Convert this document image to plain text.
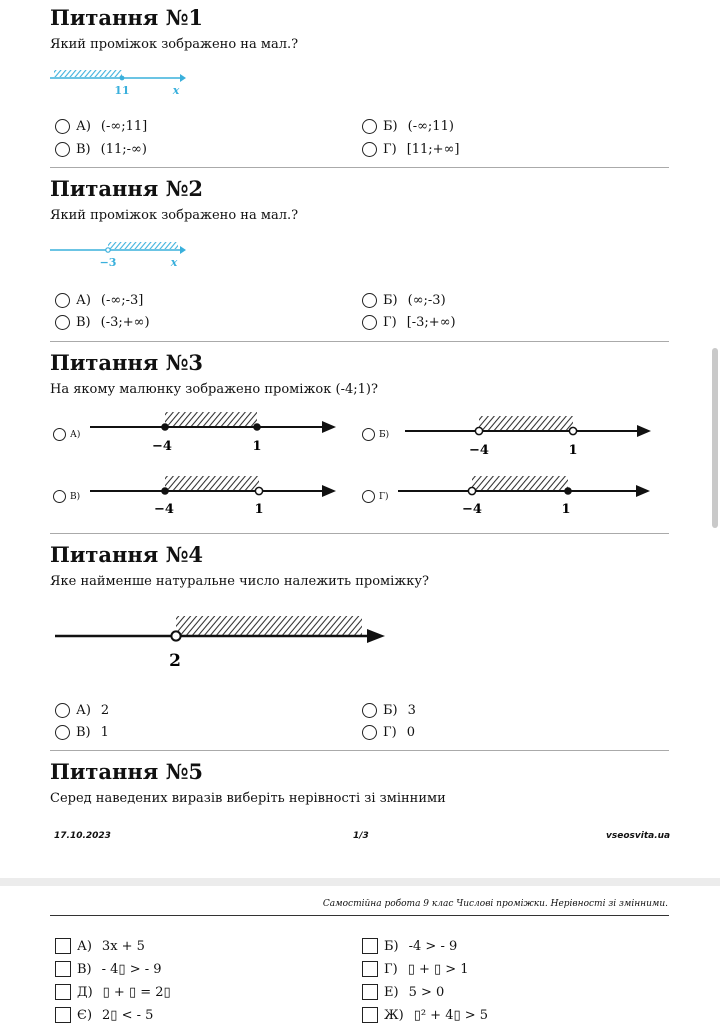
Питання №1
Який проміжок зображено на мал.?
11	x
А) (-∞;11]	Б) (-∞;11)
В) (11;-∞)	Г) [11;+∞]
Питання №2
Який проміжок зображено на мал.?
−3	x
А) (-∞;-3]	Б) (∞;-3)
В) (-3;+∞)	Г) [-3;+∞)
Питання №3
На якому малюнку зображено проміжок (-4;1)?
А)
−4	1
Б)
−4	1
В)
−4	1
Г)
−4	1
Питання №4
Яке найменше натуральне число належить проміжку?
2
А) 2	Б) 3
В) 1	Г) 0
Питання №5
Серед наведених виразів виберіть нерівності зі змінними
17.10.2023	1/3	vseosvita.ua
Самостійна робота 9 клас Числові проміжки. Нерівності зі змінними.
А) 3x + 5	Б) -4 > - 9
В) - 4▯ > - 9	Г) ▯ + ▯ > 1
Д) ▯ + ▯ = 2▯	Е) 5 > 0
Є) 2▯ < - 5	Ж) ▯² + 4▯ > 5
